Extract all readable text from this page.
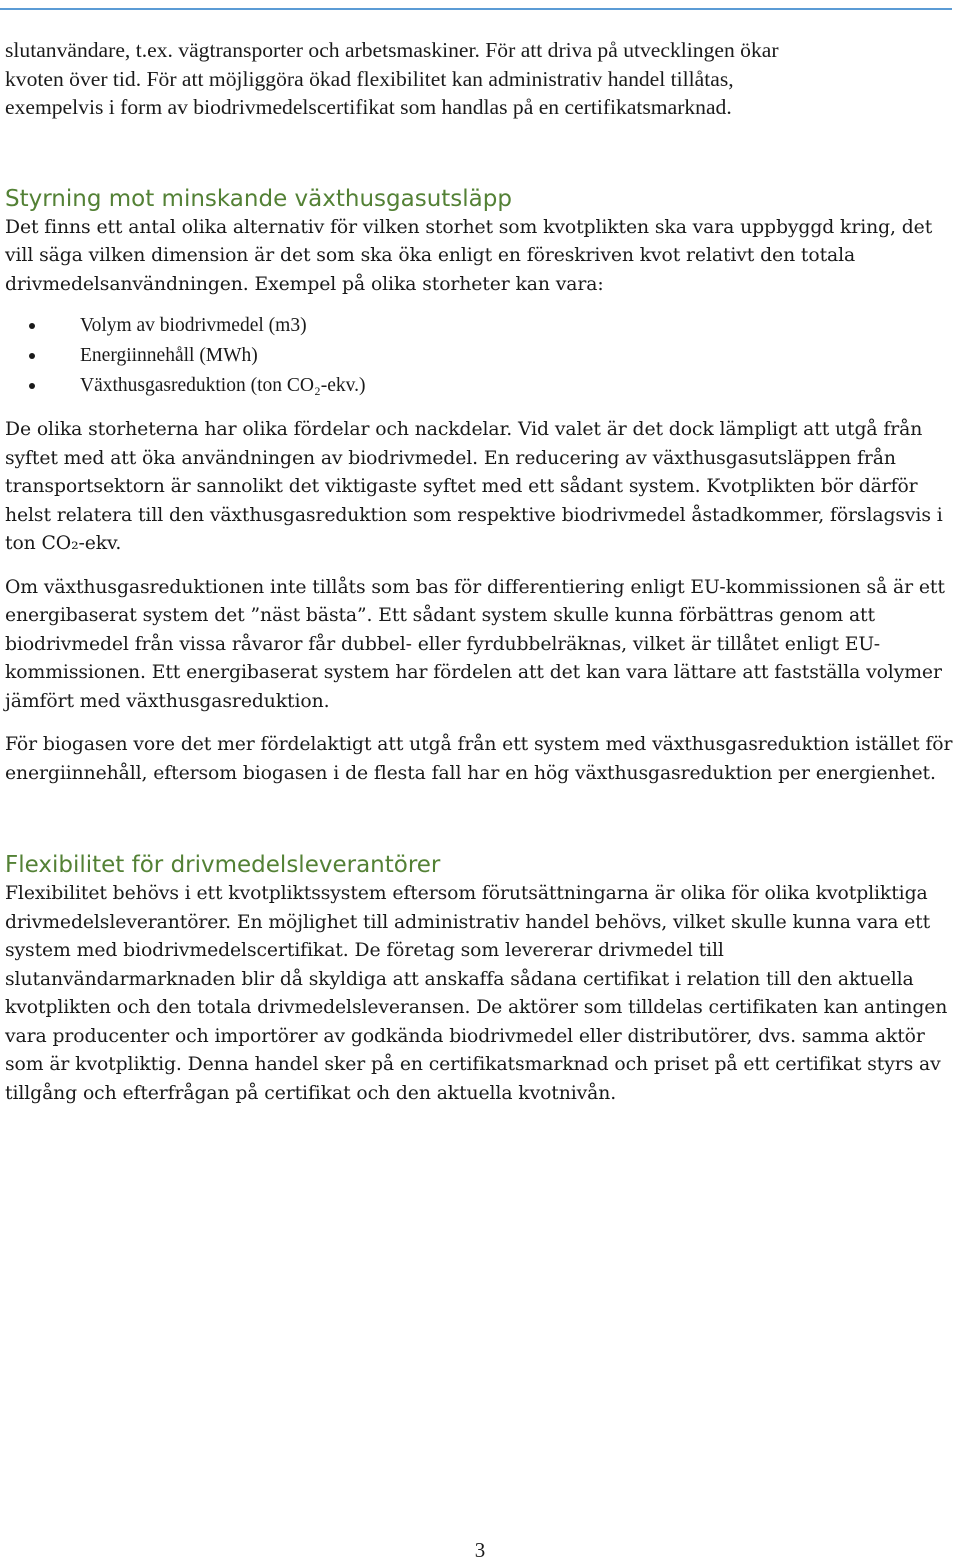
slutanvändare, t.ex. vägtransporter och arbetsmaskiner. För att driva på utvecklingen ökar
kvoten över tid. För att möjliggöra ökad flexibilitet kan administrativ handel tillåtas,
exempelvis i form av biodrivmedelscertifikat som handlas på en certifikatsmarknad.
Styrning mot minskande växthusgasutsläpp

Det finns ett antal olika alternativ för vilken storhet som kvotplikten ska vara uppbyggd kring, det vill säga vilken dimension är det som ska öka enligt en föreskriven kvot relativt den totala drivmedelsanvändningen. Exempel på olika storheter kan vara:

Volym av biodrivmedel (m3)
Energiinnehåll (MWh)
Växthusgasreduktion (ton CO₂-ekv.)

De olika storheterna har olika fördelar och nackdelar. Vid valet är det dock lämpligt att utgå från syftet med att öka användningen av biodrivmedel. En reducering av växthusgasutsläppen från transportsektorn är sannolikt det viktigaste syftet med ett sådant system. Kvotplikten bör därför helst relatera till den växthusgasreduktion som respektive biodrivmedel åstadkommer, förslagsvis i ton CO₂-ekv.

Om växthusgasreduktionen inte tillåts som bas för differentiering enligt EU-kommissionen så är ett energibaserat system det ”näst bästa”. Ett sådant system skulle kunna förbättras genom att biodrivmedel från vissa råvaror får dubbel- eller fyrdubbelräknas, vilket är tillåtet enligt EU-kommissionen. Ett energibaserat system har fördelen att det kan vara lättare att fastställa volymer jämfört med växthusgasreduktion.

För biogasen vore det mer fördelaktigt att utgå från ett system med växthusgasreduktion istället för energiinnehåll, eftersom biogasen i de flesta fall har en hög växthusgasreduktion per energienhet.

Flexibilitet för drivmedelsleverantörer

Flexibilitet behövs i ett kvotpliktssystem eftersom förutsättningarna är olika för olika kvotpliktiga drivmedelsleverantörer. En möjlighet till administrativ handel behövs, vilket skulle kunna vara ett system med biodrivmedelscertifikat. De företag som levererar drivmedel till slutanvändarmarknaden blir då skyldiga att anskaffa sådana certifikat i relation till den aktuella kvotplikten och den totala drivmedelsleveransen. De aktörer som tilldelas certifikaten kan antingen vara producenter och importörer av godkända biodrivmedel eller distributörer, dvs. samma aktör som är kvotpliktig. Denna handel sker på en certifikatsmarknad och priset på ett certifikat styrs av tillgång och efterfrågan på certifikat och den aktuella kvotnivån.

3
